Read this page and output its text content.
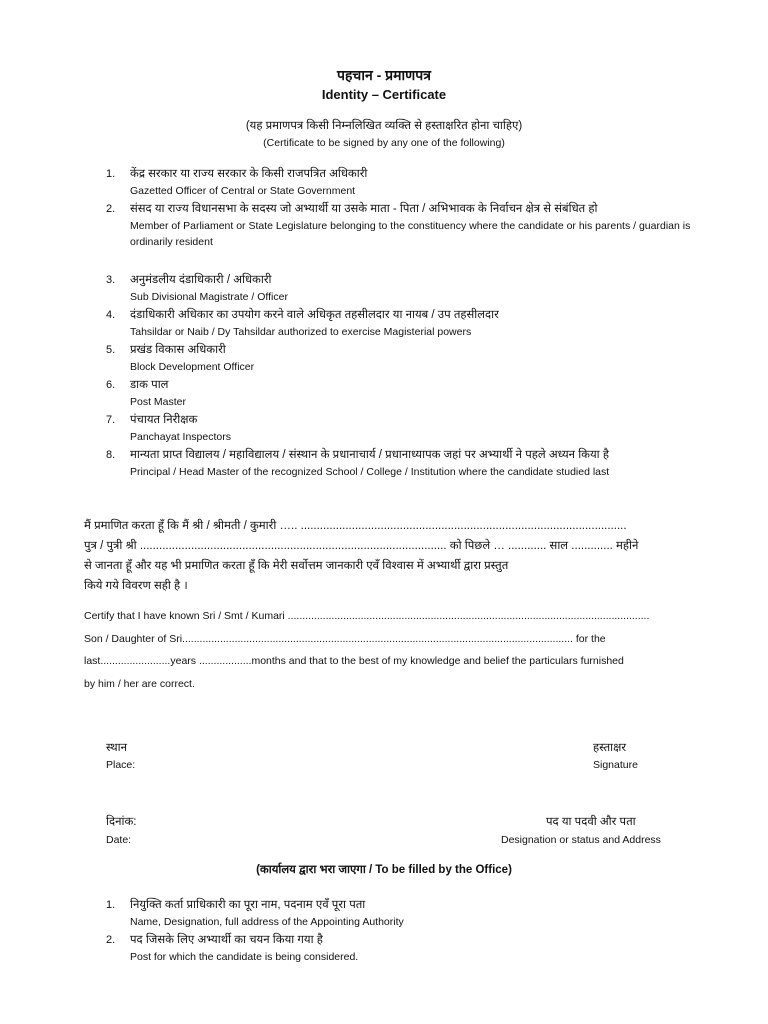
पहचान - प्रमाणपत्र
Identity – Certificate
(यह प्रमाणपत्र किसी निम्नलिखित व्यक्ति से हस्ताक्षरित होना चाहिए)
(Certificate to be signed by any one of the following)
1. केंद्र सरकार या राज्य सरकार के किसी राजपत्रित अधिकारी
Gazetted Officer of Central or State Government
2. संसद या राज्य विधानसभा के सदस्य जो अभ्यार्थी या उसके माता - पिता / अभिभावक के निर्वाचन क्षेत्र से संबंधित हो
Member of Parliament or State Legislature belonging to the constituency where the candidate or his parents / guardian is ordinarily resident
3. अनुमंडलीय दंडाधिकारी / अधिकारी
Sub Divisional Magistrate / Officer
4. दंडाधिकारी अधिकार का उपयोग करने वाले अधिकृत तहसीलदार या नायब / उप तहसीलदार
Tahsildar or Naib / Dy Tahsildar authorized to exercise Magisterial powers
5. प्रखंड विकास अधिकारी
Block Development Officer
6. डाक पाल
Post Master
7. पंचायत निरीक्षक
Panchayat Inspectors
8. मान्यता प्राप्त विद्यालय / महाविद्यालय / संस्थान के प्रधानाचार्य / प्रधानाध्यापक जहां पर अभ्यार्थी ने पहले अध्यन किया है
Principal / Head Master of the recognized School / College / Institution where the candidate studied last
मैं प्रमाणित करता हूँ कि मैं श्री / श्रीमती / कुमारी ….. ......................................................................................................
पुत्र / पुत्री श्री ................................................................................................ को पिछले … ............ साल ............. महीने
से जानता हूँ और यह भी प्रमाणित करता हूँ कि मेरी सर्वोत्तम जानकारी एवँ विश्वास में अभ्यार्थी द्वारा प्रस्तुत
किये गये विवरण सही है ।
Certify that I have known Sri / Smt / Kumari ............................................................................................................................
Son / Daughter of Sri...................................................................................................................................... for the
last........................years ..................months and that to the best of my knowledge and belief the particulars furnished
by him / her are correct.
स्थान
Place:
हस्ताक्षर
Signature
दिनांक:
Date:
पद या पदवी और पता
Designation or status and Address
(कार्यालय द्वारा भरा जाएगा / To be filled by the Office)
1. नियुक्ति कर्ता प्राधिकारी का पूरा नाम, पदनाम एवँ पूरा पता
Name, Designation, full address of the Appointing Authority
2. पद जिसके लिए अभ्यार्थी का चयन किया गया है
Post for which the candidate is being considered.
